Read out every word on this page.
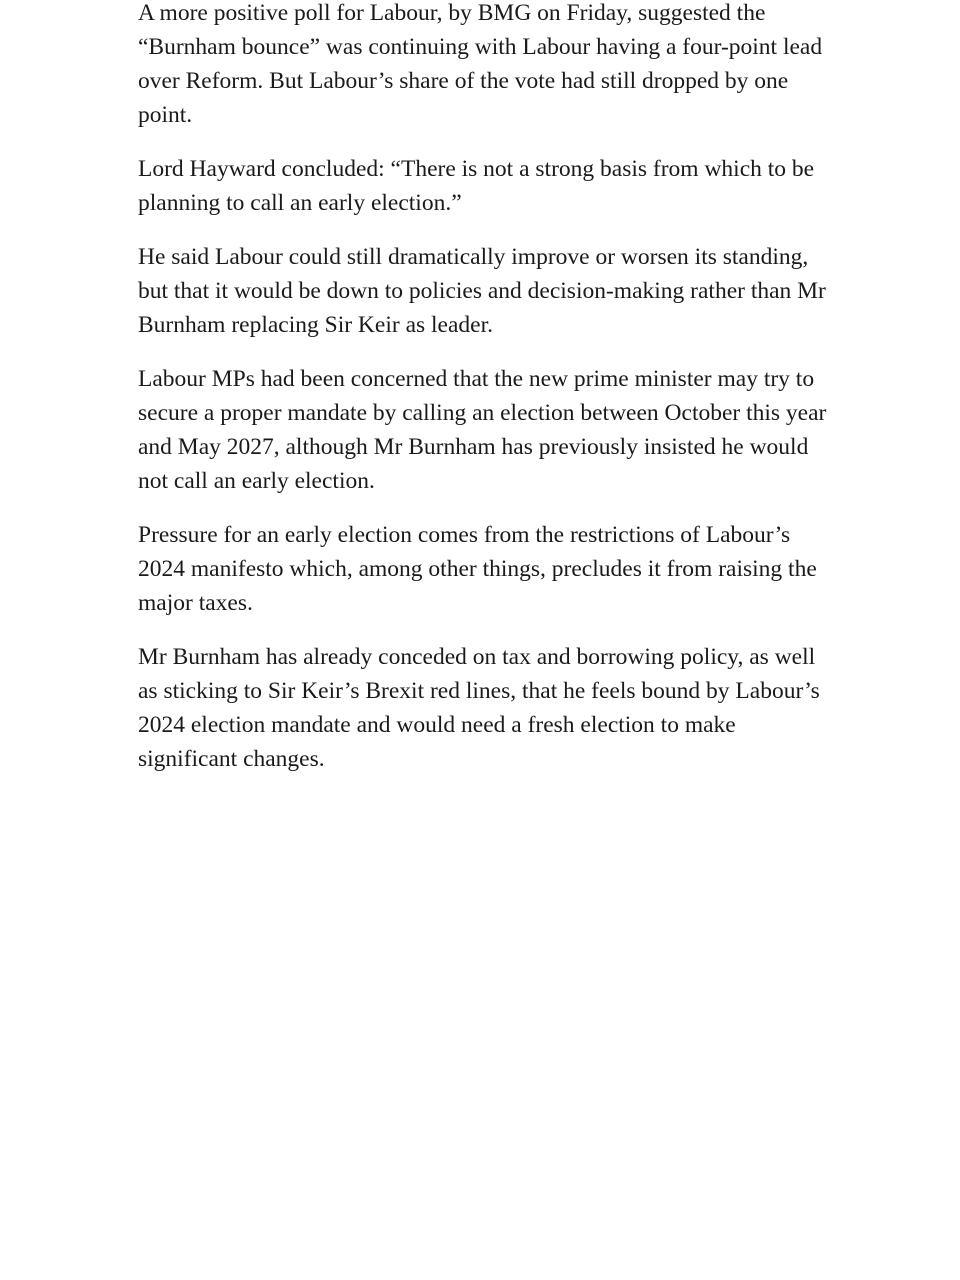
A more positive poll for Labour, by BMG on Friday, suggested the “Burnham bounce” was continuing with Labour having a four-point lead over Reform. But Labour’s share of the vote had still dropped by one point.

Lord Hayward concluded: “There is not a strong basis from which to be planning to call an early election.”

He said Labour could still dramatically improve or worsen its standing, but that it would be down to policies and decision-making rather than Mr Burnham replacing Sir Keir as leader.

Labour MPs had been concerned that the new prime minister may try to secure a proper mandate by calling an election between October this year and May 2027, although Mr Burnham has previously insisted he would not call an early election.

Pressure for an early election comes from the restrictions of Labour’s 2024 manifesto which, among other things, precludes it from raising the major taxes.

Mr Burnham has already conceded on tax and borrowing policy, as well as sticking to Sir Keir’s Brexit red lines, that he feels bound by Labour’s 2024 election mandate and would need a fresh election to make significant changes.
